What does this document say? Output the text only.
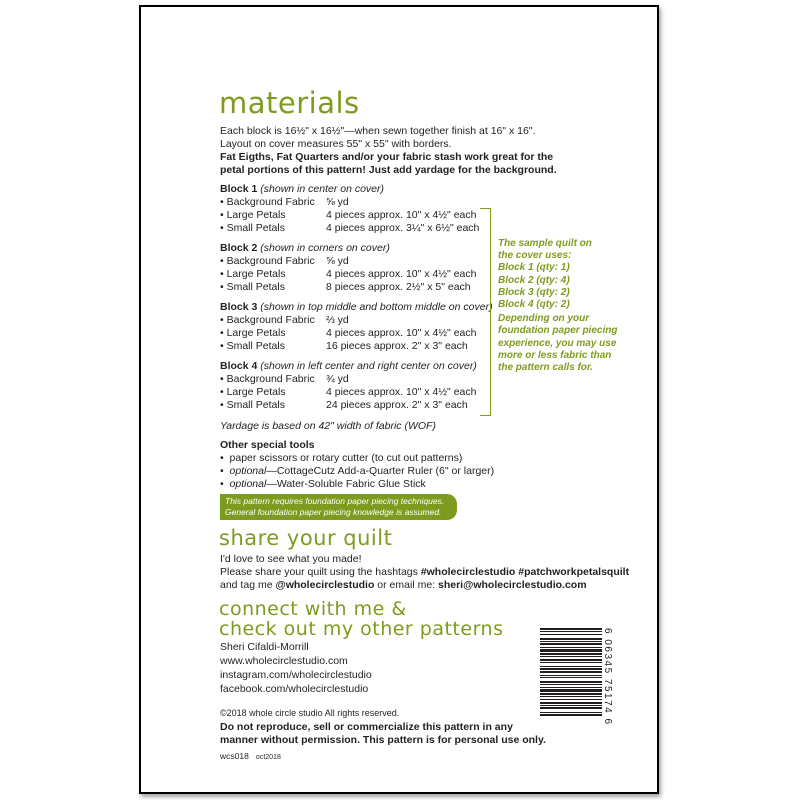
materials
Each block is 16½" x 16½"—when sewn together finish at 16" x 16".
Layout on cover measures 55" x 55" with borders.
Fat Eigths, Fat Quarters and/or your fabric stash work great for the
petal portions of this pattern! Just add yardage for the background.
Block 1 (shown in center on cover)
• Background Fabric ⅝ yd
• Large Petals	4 pieces approx. 10" x 4½" each
• Small Petals	4 pieces approx. 3¼" x 6½" each
Block 2 (shown in corners on cover)
• Background Fabric ⅝ yd
• Large Petals	4 pieces approx. 10" x 4½" each
• Small Petals	8 pieces approx. 2½" x 5" each
Block 3 (shown in top middle and bottom middle on cover)
• Background Fabric ⅔ yd
• Large Petals	4 pieces approx. 10" x 4½" each
• Small Petals	16 pieces approx. 2" x 3" each
Block 4 (shown in left center and right center on cover)
• Background Fabric ¾ yd
• Large Petals	4 pieces approx. 10" x 4½" each
• Small Petals	24 pieces approx. 2" x 3" each
The sample quilt on
the cover uses:
Block 1 (qty: 1)
Block 2 (qty: 4)
Block 3 (qty: 2)
Block 4 (qty: 2)
Depending on your
foundation paper piecing
experience, you may use
more or less fabric than
the pattern calls for.
Yardage is based on 42" width of fabric (WOF)
Other special tools
• paper scissors or rotary cutter (to cut out patterns)
• optional—CottageCutz Add-a-Quarter Ruler (6" or larger)
• optional—Water-Soluble Fabric Glue Stick
This pattern requires foundation paper piecing techniques.
General foundation paper piecing knowledge is assumed.
share your quilt
I'd love to see what you made!
Please share your quilt using the hashtags #wholecirclestudio #patchworkpetalsquilt
and tag me @wholecirclestudio or email me: sheri@wholecirclestudio.com
connect with me &
check out my other patterns
Sheri Cifaldi-Morrill
www.wholecirclestudio.com
instagram.com/wholecirclestudio
facebook.com/wholecirclestudio
©2018 whole circle studio All rights reserved.
Do not reproduce, sell or commercialize this pattern in any
manner without permission. This pattern is for personal use only.
wcs018 oct2018
6 06345 75174 6
